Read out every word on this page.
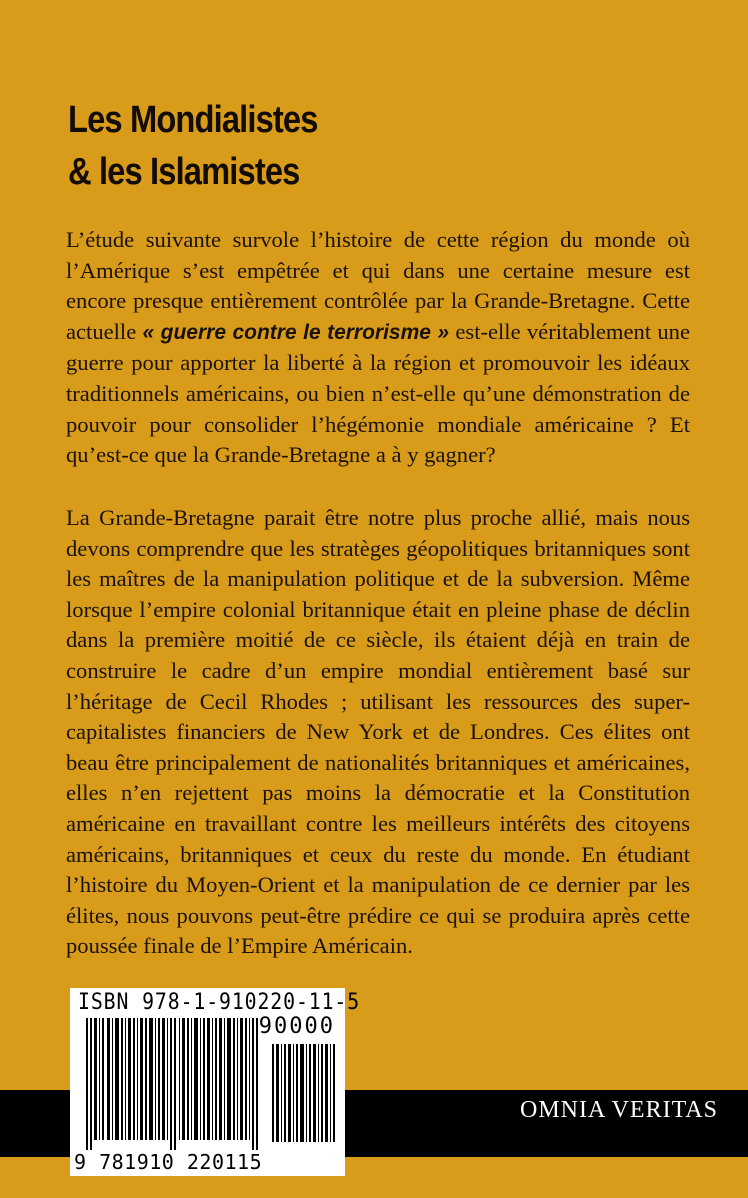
Les Mondialistes
& les Islamistes
L’étude suivante survole l’histoire de cette région du monde où l’Amérique s’est empêtrée et qui dans une certaine mesure est encore presque entièrement contrôlée par la Grande-Bretagne. Cette actuelle « guerre contre le terrorisme » est-elle véritablement une guerre pour apporter la liberté à la région et promouvoir les idéaux traditionnels américains, ou bien n’est-elle qu’une démonstration de pouvoir pour consolider l’hégémonie mondiale américaine ? Et qu’est-ce que la Grande-Bretagne a à y gagner?
La Grande-Bretagne parait être notre plus proche allié, mais nous devons comprendre que les stratèges géopolitiques britanniques sont les maîtres de la manipulation politique et de la subversion. Même lorsque l’empire colonial britannique était en pleine phase de déclin dans la première moitié de ce siècle, ils étaient déjà en train de construire le cadre d’un empire mondial entièrement basé sur l’héritage de Cecil Rhodes ; utilisant les ressources des super-capitalistes financiers de New York et de Londres. Ces élites ont beau être principalement de nationalités britanniques et américaines, elles n’en rejettent pas moins la démocratie et la Constitution américaine en travaillant contre les meilleurs intérêts des citoyens américains, britanniques et ceux du reste du monde. En étudiant l’histoire du Moyen-Orient et la manipulation de ce dernier par les élites, nous pouvons peut-être prédire ce qui se produira après cette poussée finale de l’Empire Américain.
OMNIA VERITAS
ISBN 978-1-910220-11-5
90000
9 781910 220115
